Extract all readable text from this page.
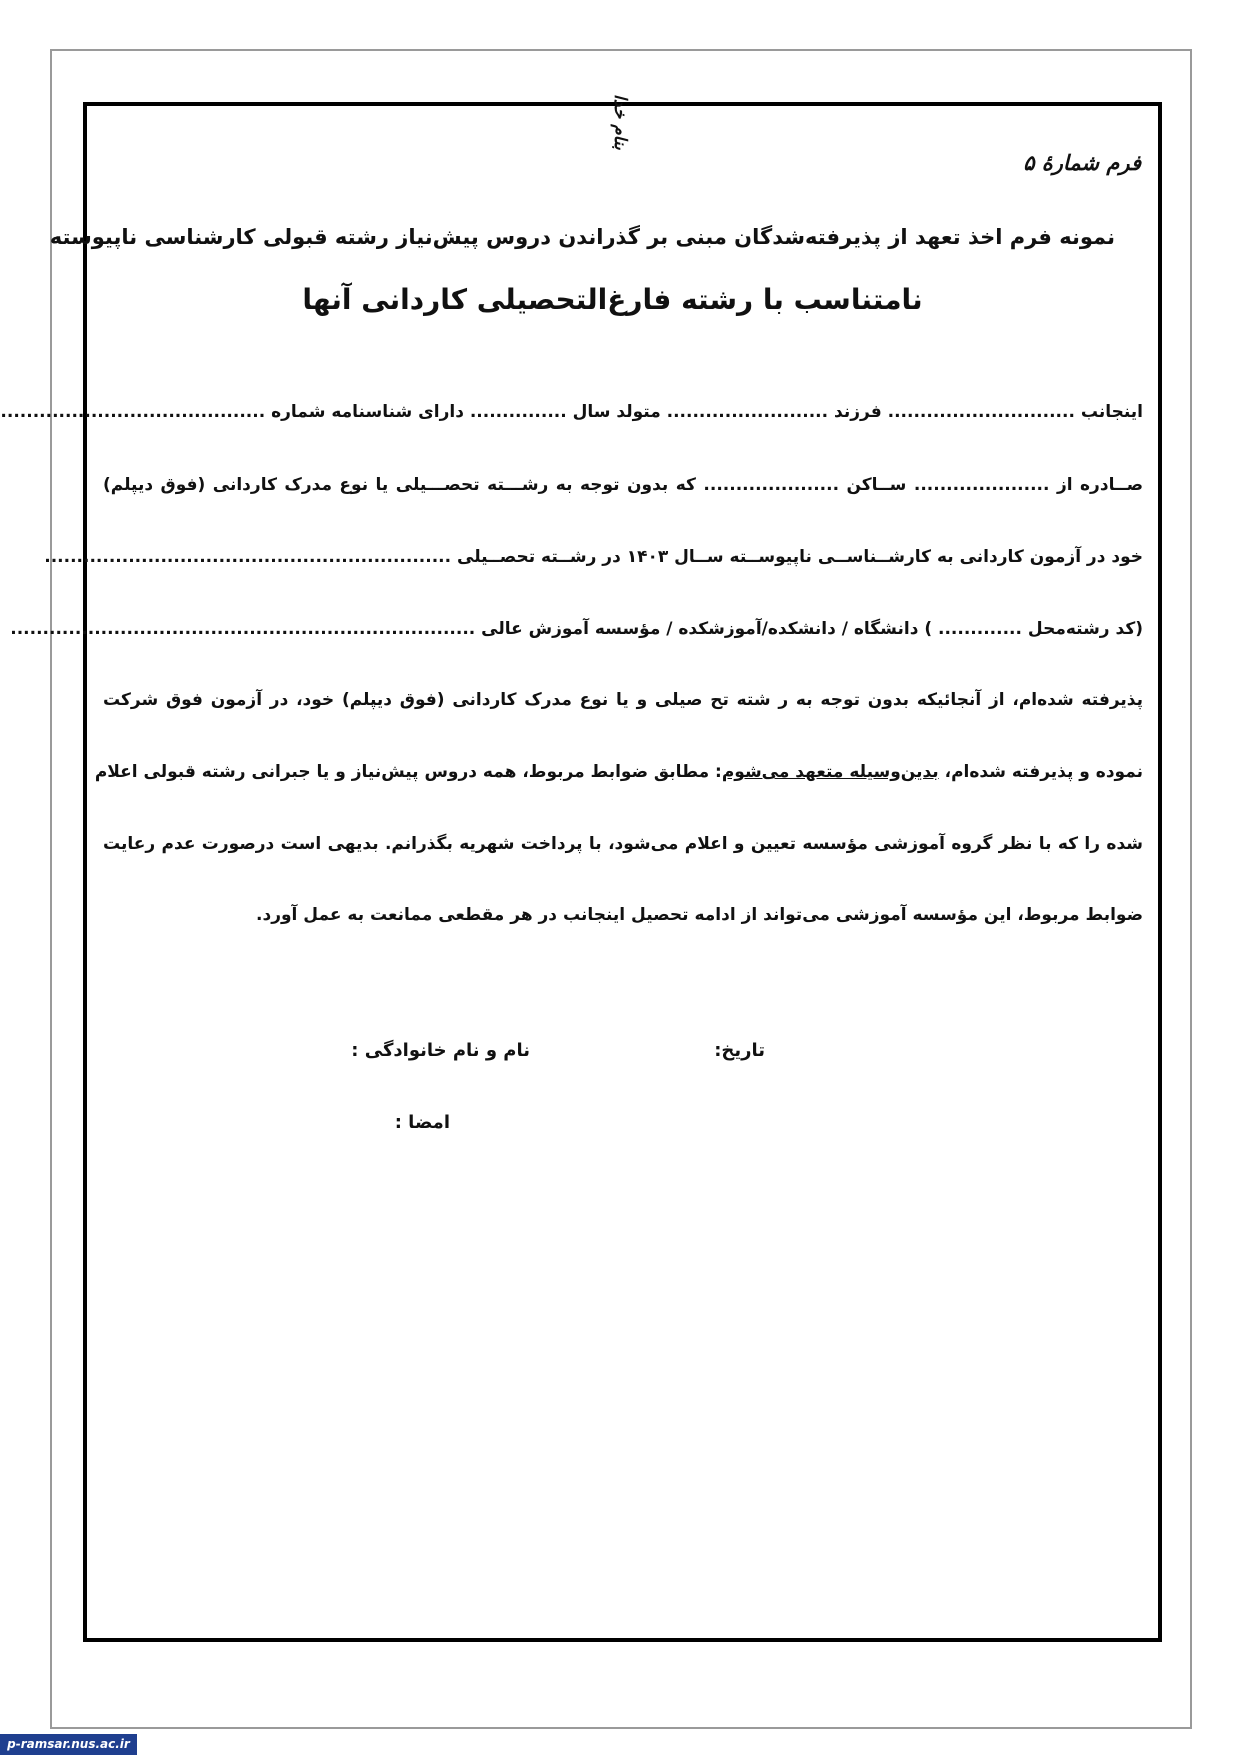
بنام خدا
فرم شمارۀ ۵
نمونه فرم اخذ تعهد از پذیرفته‌شدگان مبنی بر گذراندن دروس پیش‌نیاز رشته قبولی کارشناسی ناپیوسته
نامتناسب با رشته فارغ‌التحصیلی کاردانی آنها
اینجانب ............................. فرزند ......................... متولد سال ............... دارای شناسنامه شماره .........................................
صــادره از ..................... ســاکن ..................... که بدون توجه به رشـــته تحصـــیلی یا نوع مدرک کاردانی (فوق دیپلم)
خود در آزمون کاردانی به کارشــناســی ناپیوســته ســال ۱۴۰۳ در رشــته تحصــیلی ...............................................................
(کد رشته‌محل ............. ) دانشگاه / دانشکده/آموزشکده / مؤسسه آموزش عالی ........................................................................
پذیرفته شده‌ام، از آنجائیکه بدون توجه به ر شته تح صیلی و یا نوع مدرک کاردانی (فوق دیپلم) خود، در آزمون فوق شرکت
نموده و پذیرفته شده‌ام، بدین‌وسیله متعهد می‌شوم: مطابق ضوابط مربوط، همه دروس پیش‌نیاز و یا جبرانی رشته قبولی اعلام
شده را که با نظر گروه آموزشی مؤسسه تعیین و اعلام می‌شود، با پرداخت شهریه بگذرانم. بدیهی است درصورت عدم رعایت
ضوابط مربوط، این مؤسسه آموزشی می‌تواند از ادامه تحصیل اینجانب در هر مقطعی ممانعت به عمل آورد.
تاریخ:
نام و نام خانوادگی :
امضا :
p-ramsar.nus.ac.ir
